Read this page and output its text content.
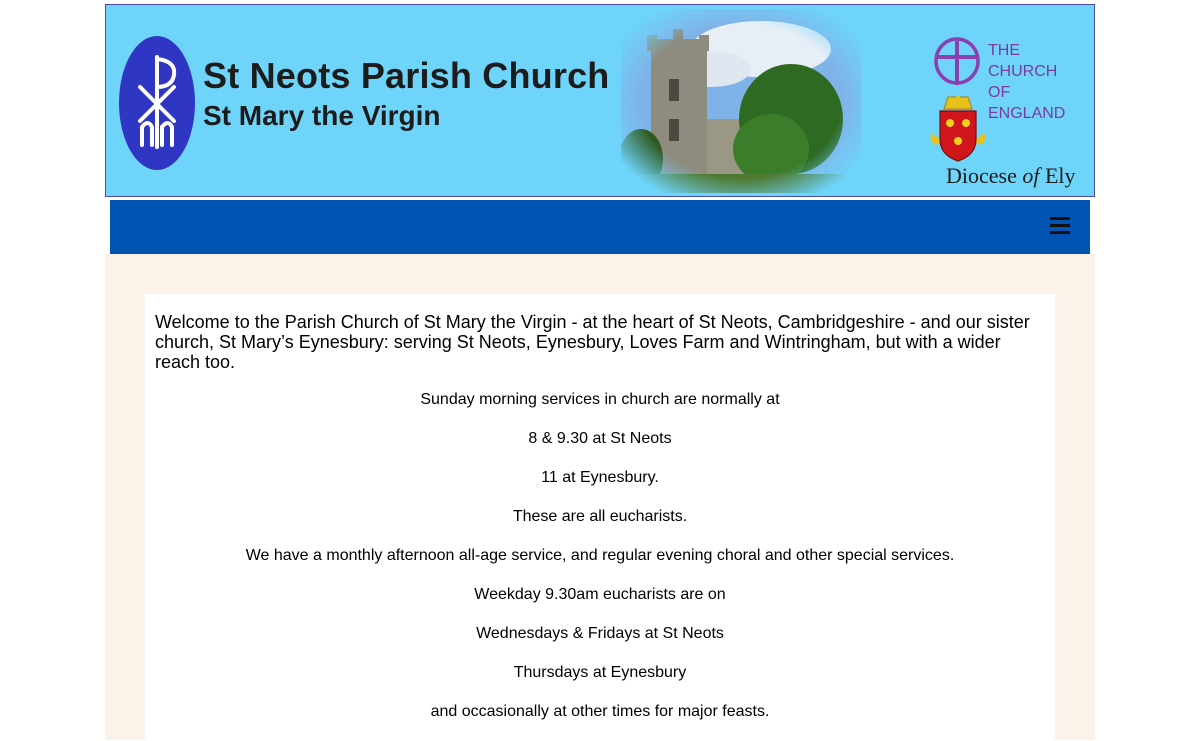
St Neots Parish Church
St Mary the Virgin
THE CHURCH
OF ENGLAND
Diocese of Ely

Welcome to the Parish Church of St Mary the Virgin - at the heart of St Neots, Cambridgeshire - and our sister church, St Mary’s Eynesbury: serving St Neots, Eynesbury, Loves Farm and Wintringham, but with a wider reach too.

Sunday morning services in church are normally at

8 & 9.30 at St Neots

11 at Eynesbury.

These are all eucharists.

We have a monthly afternoon all-age service, and regular evening choral and other special services.

Weekday 9.30am eucharists are on

Wednesdays & Fridays at St Neots

Thursdays at Eynesbury

and occasionally at other times for major feasts.
